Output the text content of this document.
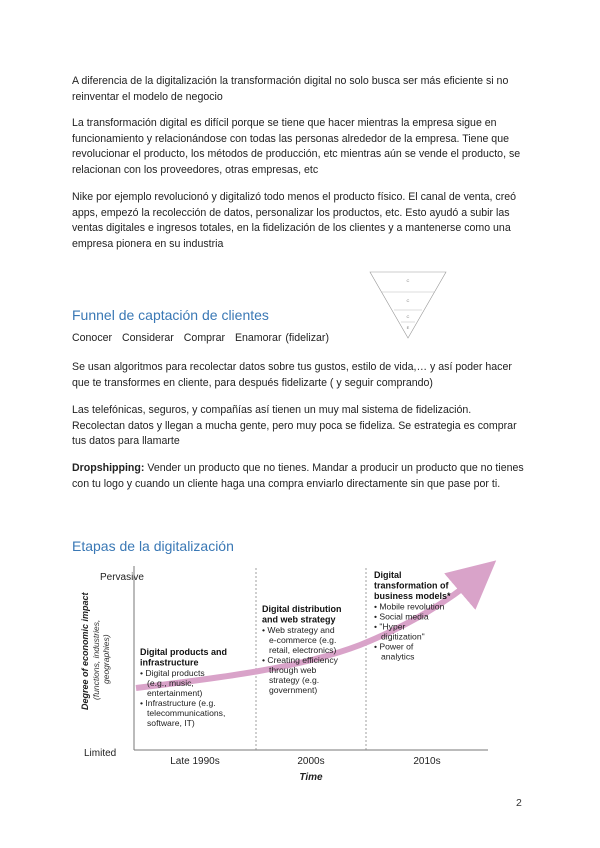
A diferencia de la digitalización la transformación digital no solo busca ser más eficiente si no reinventar el modelo de negocio

La transformación digital es difícil porque se tiene que hacer mientras la empresa sigue en funcionamiento y relacionándose con todas las personas alrededor de la empresa. Tiene que revolucionar el producto, los métodos de producción, etc mientras aún se vende el producto, se relacionan con los proveedores, otras empresas, etc

Nike por ejemplo revolucionó y digitalizó todo menos el producto físico. El canal de venta, creó apps, empezó la recolección de datos, personalizar los productos, etc. Esto ayudó a subir las ventas digitales e ingresos totales, en la fidelización de los clientes y a mantenerse como una empresa pionera en su industria

C
C
C
E
Funnel de captación de clientes
Conocer Considerar Comprar Enamorar (fidelizar)

Se usan algoritmos para recolectar datos sobre tus gustos, estilo de vida,… y así poder hacer que te transformes en cliente, para después fidelizarte ( y seguir comprando)

Las telefónicas, seguros, y compañías así tienen un muy mal sistema de fidelización. Recolectan datos y llegan a mucha gente, pero muy poca se fideliza. Se estrategia es comprar tus datos para llamarte

Dropshipping: Vender un producto que no tienes. Mandar a producir un producto que no tienes con tu logo y cuando un cliente haga una compra enviarlo directamente sin que pase por ti.

Etapas de la digitalización
Pervasive
Limited
Degree of economic impact (functions, industries, geographies)
Late 1990s	2000s	2010s
Time
Digital products and
infrastructure
• Digital products
(e.g., music,
entertainment)
• Infrastructure (e.g.
telecommunications,
software, IT)
Digital distribution
and web strategy
• Web strategy and
e-commerce (e.g.
retail, electronics)
• Creating efficiency
through web
strategy (e.g.
government)
Digital
transformation of
business models*
• Mobile revolution
• Social media
• "Hyper
digitization"
• Power of
analytics
2
